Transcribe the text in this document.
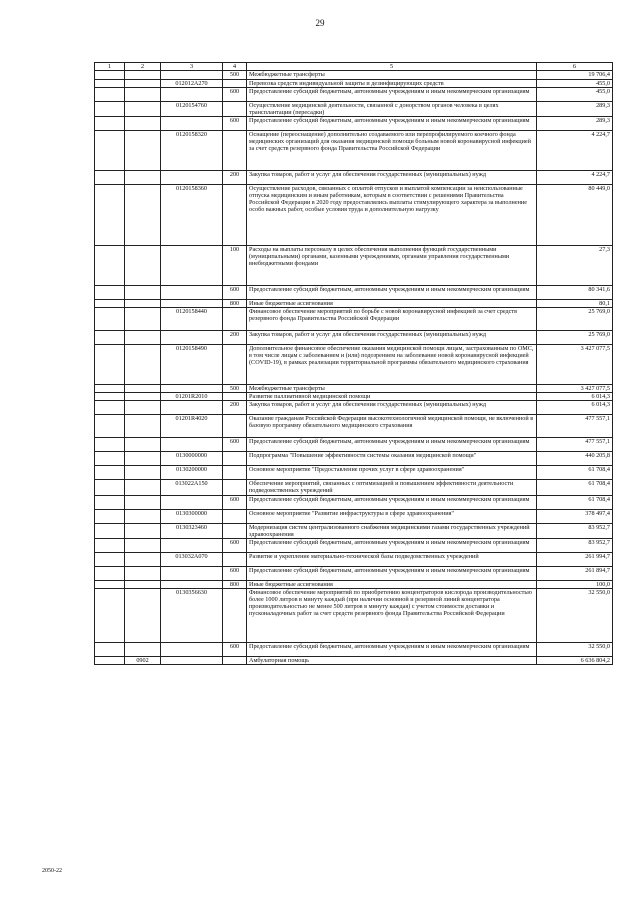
29
1	2	3	4	5	6
			500	Межбюджетные трансферты	19 706,4
		012012А270		Перевозка средств индивидуальной защиты и дезинфицирующих средств	455,0
			600	Предоставление субсидий бюджетным, автономным учреждениям и иным некоммерческим организациям	455,0
		0120154760		Осуществление медицинской деятельности, связанной с донорством органов человека в целях трансплантации (пересадки)	289,3
			600	Предоставление субсидий бюджетным, автономным учреждениям и иным некоммерческим организациям	289,3
		0120158320		Оснащение (переоснащение) дополнительно создаваемого или перепрофилируемого коечного фонда медицинских организаций для оказания медицинской помощи больным новой коронавирусной инфекцией за счет средств резервного фонда Правительства Российской Федерации	4 224,7
			200	Закупка товаров, работ и услуг для обеспечения государственных (муниципальных) нужд	4 224,7
		0120158360		Осуществление расходов, связанных с оплатой отпусков и выплатой компенсации за неиспользованные отпуска медицинским и иным работникам, которым в соответствии с решениями Правительства Российской Федерации в 2020 году предоставлялись выплаты стимулирующего характера за выполнение особо важных работ, особые условия труда и дополнительную нагрузку	80 449,0
			100	Расходы на выплаты персоналу в целях обеспечения выполнения функций государственными (муниципальными) органами, казенными учреждениями, органами управления государственными внебюджетными фондами	27,3
			600	Предоставление субсидий бюджетным, автономным учреждениям и иным некоммерческим организациям	80 341,6
			800	Иные бюджетные ассигнования	80,1
		0120158440		Финансовое обеспечение мероприятий по борьбе с новой коронавирусной инфекцией за счет средств резервного фонда Правительства Российской Федерации	25 769,0
			200	Закупка товаров, работ и услуг для обеспечения государственных (муниципальных) нужд	25 769,0
		0120158490		Дополнительное финансовое обеспечение оказания медицинской помощи лицам, застрахованным по ОМС, в том числе лицам с заболеванием и (или) подозрением на заболевание новой коронавирусной инфекцией (COVID-19), в рамках реализации территориальной программы обязательного медицинского страхования	3 427 077,5
			500	Межбюджетные трансферты	3 427 077,5
		01201R2010		Развитие паллиативной медицинской помощи	6 014,3
			200	Закупка товаров, работ и услуг для обеспечения государственных (муниципальных) нужд	6 014,3
		01201R4020		Оказание гражданам Российской Федерации высокотехнологичной медицинской помощи, не включенной в базовую программу обязательного медицинского страхования	477 557,1
			600	Предоставление субсидий бюджетным, автономным учреждениям и иным некоммерческим организациям	477 557,1
		0130000000		Подпрограмма "Повышение эффективности системы оказания медицинской помощи"	440 205,8
		0130200000		Основное мероприятие "Предоставление прочих услуг в сфере здравоохранения"	61 708,4
		013022А150		Обеспечение мероприятий, связанных с оптимизацией и повышением эффективности деятельности подведомственных учреждений	61 708,4
			600	Предоставление субсидий бюджетным, автономным учреждениям и иным некоммерческим организациям	61 708,4
		0130300000		Основное мероприятие "Развитие инфраструктуры в сфере здравоохранения"	378 497,4
		0130323460		Модернизация систем централизованного снабжения медицинскими газами государственных учреждений здравоохранения	83 952,7
			600	Предоставление субсидий бюджетным, автономным учреждениям и иным некоммерческим организациям	83 952,7
		013032А070		Развитие и укрепление материально-технической базы подведомственных учреждений	261 994,7
			600	Предоставление субсидий бюджетным, автономным учреждениям и иным некоммерческим организациям	261 894,7
			800	Иные бюджетные ассигнования	100,0
		0130356630		Финансовое обеспечение мероприятий по приобретению концентраторов кислорода производительностью более 1000 литров в минуту каждый (при наличии основной и резервной линий концентратора производительностью не менее 500 литров в минуту каждая) с учетом стоимости доставки и пусконаладочных работ за счет средств резервного фонда Правительства Российской Федерации	32 550,0
			600	Предоставление субсидий бюджетным, автономным учреждениям и иным некоммерческим организациям	32 550,0
	0902			Амбулаторная помощь	6 636 804,2
2050-22
